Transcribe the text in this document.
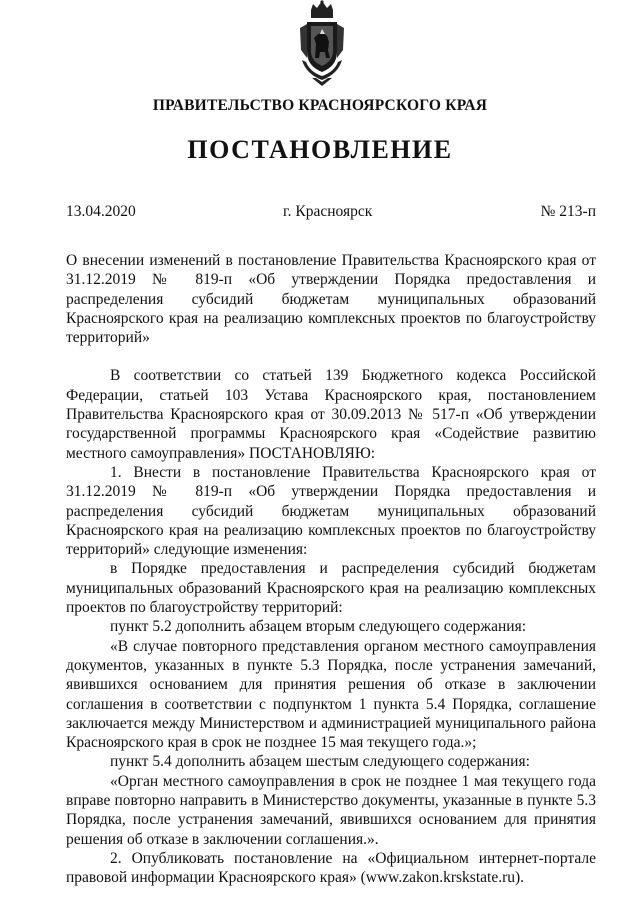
ПРАВИТЕЛЬСТВО КРАСНОЯРСКОГО КРАЯ
ПОСТАНОВЛЕНИЕ
13.04.2020	г. Красноярск	№ 213-п

О внесении изменений в постановление Правительства Красноярского края от 31.12.2019 № 819-п «Об утверждении Порядка предоставления и распределения субсидий бюджетам муниципальных образований Красноярского края на реализацию комплексных проектов по благоустройству территорий»

В соответствии со статьей 139 Бюджетного кодекса Российской Федерации, статьей 103 Устава Красноярского края, постановлением Правительства Красноярского края от 30.09.2013 № 517-п «Об утверждении государственной программы Красноярского края «Содействие развитию местного самоуправления» ПОСТАНОВЛЯЮ:

1. Внести в постановление Правительства Красноярского края от 31.12.2019 № 819-п «Об утверждении Порядка предоставления и распределения субсидий бюджетам муниципальных образований Красноярского края на реализацию комплексных проектов по благоустройству территорий» следующие изменения:

в Порядке предоставления и распределения субсидий бюджетам муниципальных образований Красноярского края на реализацию комплексных проектов по благоустройству территорий:

пункт 5.2 дополнить абзацем вторым следующего содержания:

«В случае повторного представления органом местного самоуправления документов, указанных в пункте 5.3 Порядка, после устранения замечаний, явившихся основанием для принятия решения об отказе в заключении соглашения в соответствии с подпунктом 1 пункта 5.4 Порядка, соглашение заключается между Министерством и администрацией муниципального района Красноярского края в срок не позднее 15 мая текущего года.»;

пункт 5.4 дополнить абзацем шестым следующего содержания:

«Орган местного самоуправления в срок не позднее 1 мая текущего года вправе повторно направить в Министерство документы, указанные в пункте 5.3 Порядка, после устранения замечаний, явившихся основанием для принятия решения об отказе в заключении соглашения.».

2. Опубликовать постановление на «Официальном интернет-портале правовой информации Красноярского края» (www.zakon.krskstate.ru).
